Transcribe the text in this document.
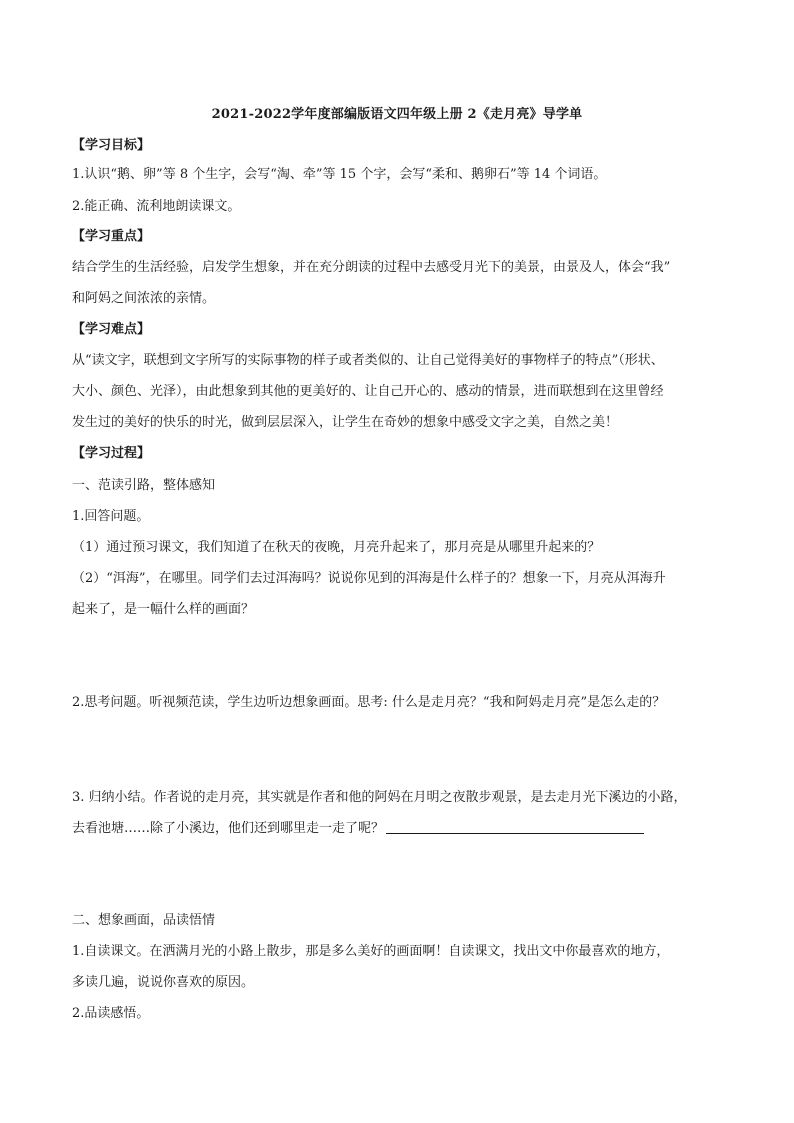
2021-2022学年度部编版语文四年级上册 2《走月亮》导学单
【学习目标】
1.认识“鹅、卵”等 8 个生字，会写“淘、牵”等 15 个字，会写“柔和、鹅卵石”等 14 个词语。
2.能正确、流利地朗读课文。
【学习重点】
结合学生的生活经验，启发学生想象，并在充分朗读的过程中去感受月光下的美景，由景及人，体会“我”
和阿妈之间浓浓的亲情。
【学习难点】
从“读文字，联想到文字所写的实际事物的样子或者类似的、让自己觉得美好的事物样子的特点”（形状、
大小、颜色、光泽），由此想象到其他的更美好的、让自己开心的、感动的情景，进而联想到在这里曾经
发生过的美好的快乐的时光，做到层层深入，让学生在奇妙的想象中感受文字之美，自然之美！
【学习过程】
一、范读引路，整体感知
1.回答问题。
（1）通过预习课文，我们知道了在秋天的夜晚，月亮升起来了，那月亮是从哪里升起来的？
（2）“洱海”，在哪里。同学们去过洱海吗？说说你见到的洱海是什么样子的？想象一下，月亮从洱海升
起来了，是一幅什么样的画面？
2.思考问题。听视频范读，学生边听边想象画面。思考: 什么是走月亮？“我和阿妈走月亮”是怎么走的？
3. 归纳小结。作者说的走月亮，其实就是作者和他的阿妈在月明之夜散步观景，是去走月光下溪边的小路，
去看池塘……除了小溪边，他们还到哪里走一走了呢？
二、想象画面，品读悟情
1.自读课文。在洒满月光的小路上散步，那是多么美好的画面啊！自读课文，找出文中你最喜欢的地方，
多读几遍，说说你喜欢的原因。
2.品读感悟。
